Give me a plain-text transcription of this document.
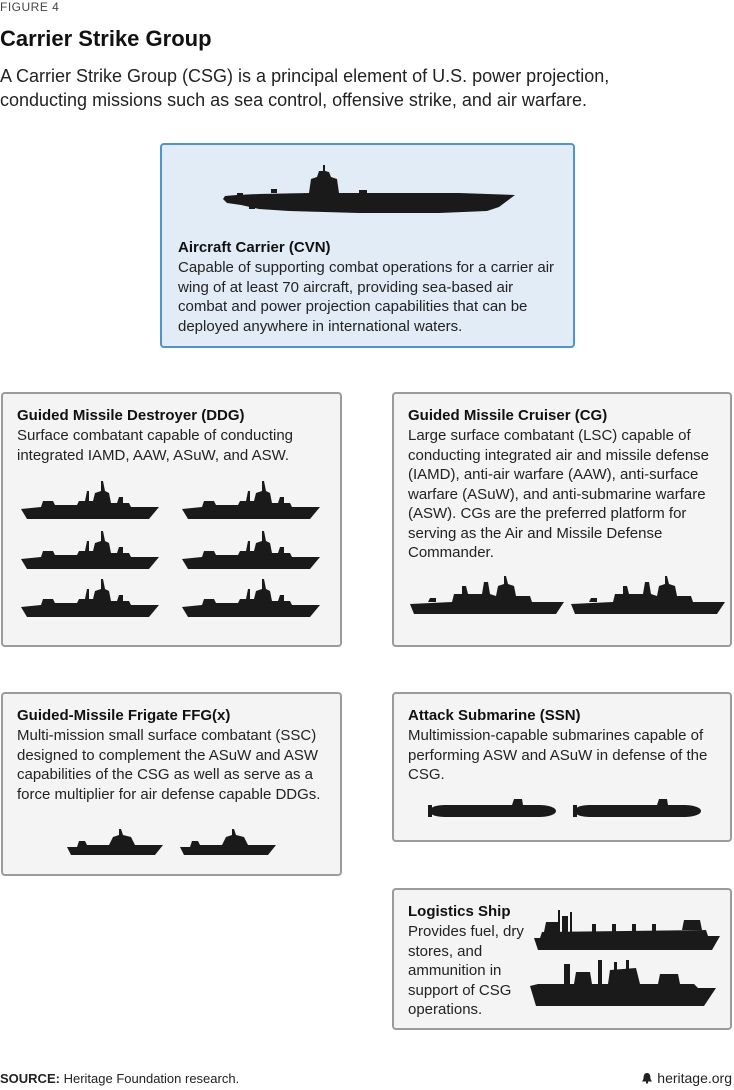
FIGURE 4
Carrier Strike Group

A Carrier Strike Group (CSG) is a principal element of U.S. power projection, conducting missions such as sea control, offensive strike, and air warfare.

Aircraft Carrier (CVN)
Capable of supporting combat operations for a carrier air wing of at least 70 aircraft, providing sea-based air combat and power projection capabilities that can be deployed anywhere in international waters.
Guided Missile Destroyer (DDG)
Surface combatant capable of conducting integrated IAMD, AAW, ASuW, and ASW.
Guided Missile Cruiser (CG)
Large surface combatant (LSC) capable of conducting integrated air and missile defense (IAMD), anti-air warfare (AAW), anti-surface warfare (ASuW), and anti-submarine warfare (ASW). CGs are the preferred platform for serving as the Air and Missile Defense Commander.
Guided-Missile Frigate FFG(x)
Multi-mission small surface combatant (SSC) designed to complement the ASuW and ASW capabilities of the CSG as well as serve as a force multiplier for air defense capable DDGs.
Attack Submarine (SSN)
Multimission-capable submarines capable of performing ASW and ASuW in defense of the CSG.
Logistics Ship
Provides fuel, dry stores, and ammunition in support of CSG operations.
SOURCE: Heritage Foundation research.	heritage.org
